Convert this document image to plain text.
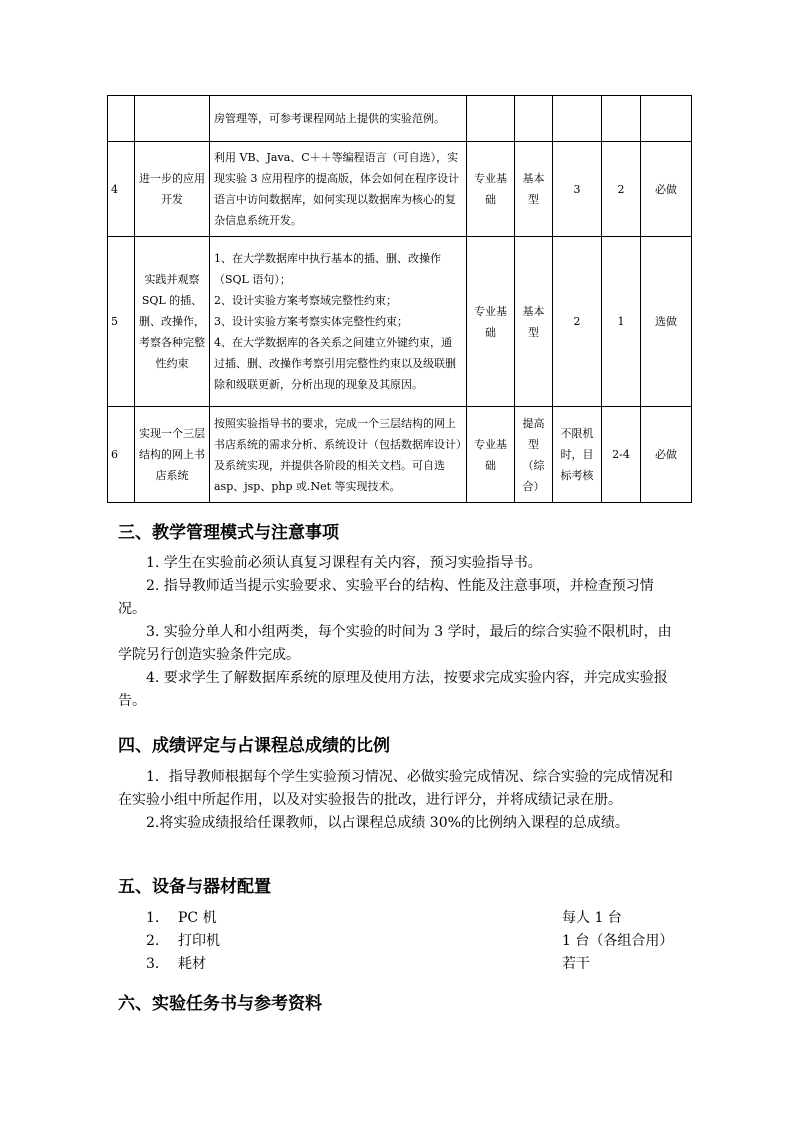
		房管理等，可参考课程网站上提供的实验范例。					
4	进一步的应用开发	利用 VB、Java、C＋＋等编程语言（可自选），实现实验 3 应用程序的提高版，体会如何在程序设计语言中访问数据库，如何实现以数据库为核心的复杂信息系统开发。	专业基础	基本型	3	2	必做
5	实践并观察 SQL 的插、删、改操作，考察各种完整性约束	1、在大学数据库中执行基本的插、删、改操作（SQL 语句）；
2、设计实验方案考察域完整性约束；
3、设计实验方案考察实体完整性约束；
4、在大学数据库的各关系之间建立外键约束，通过插、删、改操作考察引用完整性约束以及级联删除和级联更新，分析出现的现象及其原因。	专业基础	基本型	2	1	选做
6	实现一个三层结构的网上书店系统	按照实验指导书的要求，完成一个三层结构的网上书店系统的需求分析、系统设计（包括数据库设计）及系统实现，并提供各阶段的相关文档。可自选 asp、jsp、php 或.Net 等实现技术。	专业基础	提高型（综合）	不限机时，目标考核	2-4	必做
三、教学管理模式与注意事项

1. 学生在实验前必须认真复习课程有关内容，预习实验指导书。

2. 指导教师适当提示实验要求、实验平台的结构、性能及注意事项，并检查预习情况。

3. 实验分单人和小组两类，每个实验的时间为 3 学时，最后的综合实验不限机时，由学院另行创造实验条件完成。

4. 要求学生了解数据库系统的原理及使用方法，按要求完成实验内容，并完成实验报告。

四、成绩评定与占课程总成绩的比例

1．指导教师根据每个学生实验预习情况、必做实验完成情况、综合实验的完成情况和在实验小组中所起作用，以及对实验报告的批改，进行评分，并将成绩记录在册。

2.将实验成绩报给任课教师，以占课程总成绩 30%的比例纳入课程的总成绩。

五、设备与器材配置
1. PC 机	每人 1 台
2. 打印机	1 台（各组合用）
3. 耗材	若干
六、实验任务书与参考资料
